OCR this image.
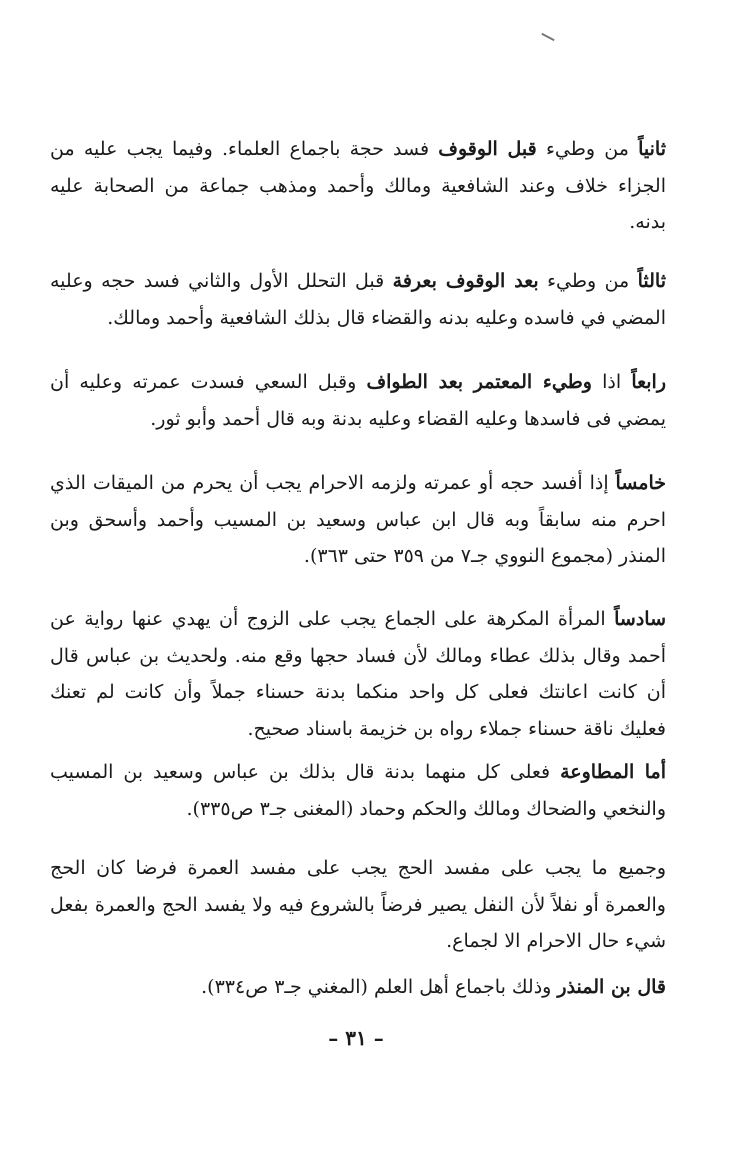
ثانياً من وطيء قبل الوقوف فسد حجة باجماع العلماء. وفيما يجب عليه من الجزاء خلاف وعند الشافعية ومالك وأحمد ومذهب جماعة من الصحابة عليه بدنه.

ثالثاً من وطيء بعد الوقوف بعرفة قبل التحلل الأول والثاني فسد حجه وعليه المضي في فاسده وعليه بدنه والقضاء قال بذلك الشافعية وأحمد ومالك.

رابعاً اذا وطيء المعتمر بعد الطواف وقبل السعي فسدت عمرته وعليه أن يمضي فى فاسدها وعليه القضاء وعليه بدنة وبه قال أحمد وأبو ثور.

خامساً إذا أفسد حجه أو عمرته ولزمه الاحرام يجب أن يحرم من الميقات الذي احرم منه سابقاً وبه قال ابن عباس وسعيد بن المسيب وأحمد وأسحق وبن المنذر (مجموع النووي جـ٧ من ٣٥٩ حتى ٣٦٣).

سادساً المرأة المكرهة على الجماع يجب على الزوج أن يهدي عنها رواية عن أحمد وقال بذلك عطاء ومالك لأن فساد حجها وقع منه. ولحديث بن عباس قال أن كانت اعانتك فعلى كل واحد منكما بدنة حسناء جملاً وأن كانت لم تعنك فعليك ناقة حسناء جملاء رواه بن خزيمة باسناد صحيح.

أما المطاوعة فعلى كل منهما بدنة قال بذلك بن عباس وسعيد بن المسيب والنخعي والضحاك ومالك والحكم وحماد (المغنى جـ٣ ص٣٣٥).

وجميع ما يجب على مفسد الحج يجب على مفسد العمرة فرضا كان الحج والعمرة أو نفلاً لأن النفل يصير فرضاً بالشروع فيه ولا يفسد الحج والعمرة بفعل شيء حال الاحرام الا لجماع.

قال بن المنذر وذلك باجماع أهل العلم (المغني جـ٣ ص٣٣٤).

– ٣١ –
